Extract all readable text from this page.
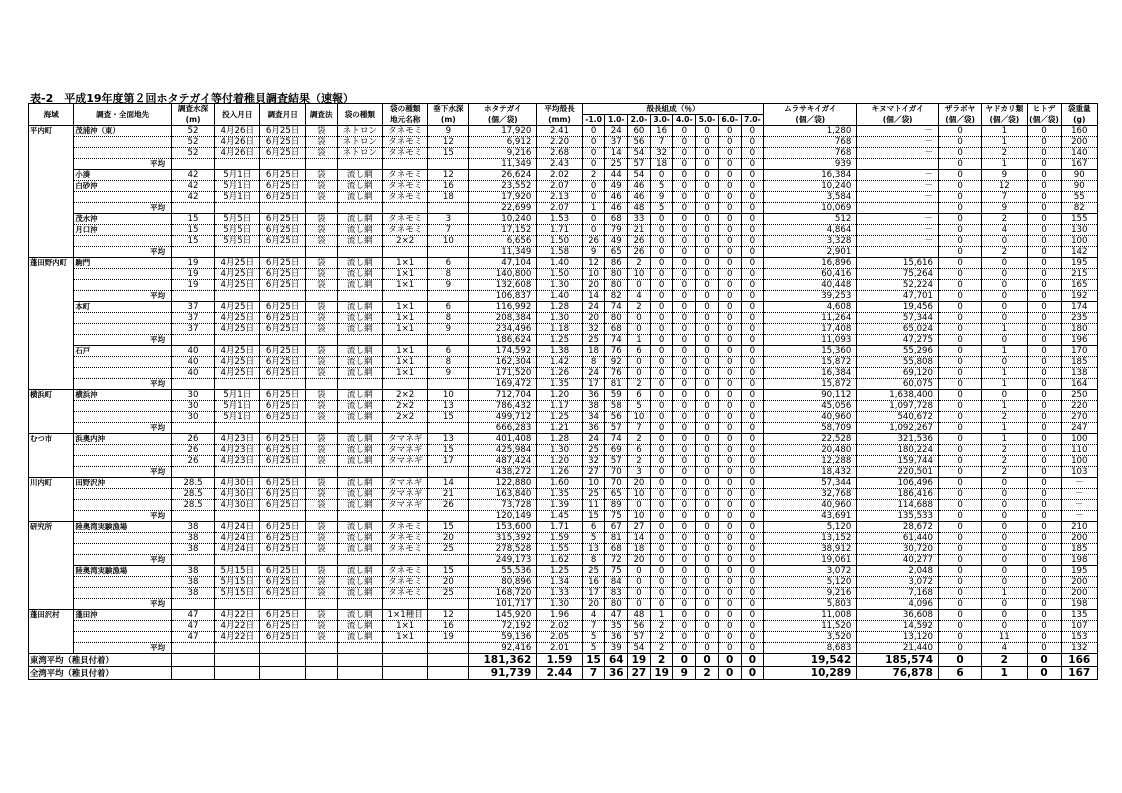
表-2　平成19年度第２回ホタテガイ等付着稚貝調査結果（速報）
海域	調査・全面地先	調査水深	投入月日	調査月日	調査法	袋の種類	袋の種類	垂下水深	ホタテガイ	平均殻長	殻長組成（％）								ムラサキイガイ	キヌマトイガイ	ザラボヤ	ヤドカリ類	ヒトデ	袋重量
		(m)					地元名称	(m)	(個／袋)	(mm)	-1.0	1.0-	2.0-	3.0-	4.0-	5.0-	6.0-	7.0-	(個／袋)	(個／袋)	(個／袋)	(個／袋)	(個／袋)	(g)
平内町	茂浦沖（東）	52	4月26日	6月25日	袋	ネトロン	タネモミ	9	17,920	2.41	0	24	60	16	0	0	0	0	1,280	－	0	1	0	160
		52	4月26日	6月25日	袋	ネトロン	タネモミ	12	6,912	2.20	0	37	56	7	0	0	0	0	768	－	0	1	0	200
		52	4月26日	6月25日	袋	ネトロン	タネモミ	15	9,216	2.68	0	14	54	32	0	0	0	0	768	－	0	2	0	140
	平均								11,349	2.43	0	25	57	18	0	0	0	0	939		0	1	0	167
	小湊	42	5月1日	6月25日	袋	流し網	タネモミ	12	26,624	2.02	2	44	54	0	0	0	0	0	16,384	－	0	9	0	90
	白砂沖	42	5月1日	6月25日	袋	流し網	タネモミ	16	23,552	2.07	0	49	46	5	0	0	0	0	10,240	－	0	12	0	90
		42	5月1日	6月25日	袋	流し網	タネモミ	18	17,920	2.13	0	46	46	9	0	0	0	0	3,584	－	0	7	0	55
	平均								22,699	2.07	1	46	48	5	0	0	0	0	10,069		0	9	0	82
	茂水沖	15	5月5日	6月25日	袋	流し網	タネモミ	3	10,240	1.53	0	68	33	0	0	0	0	0	512	－	0	2	0	155
	月口沖	15	5月5日	6月25日	袋	流し網	タネモミ	7	17,152	1.71	0	79	21	0	0	0	0	0	4,864	－	0	4	0	130
		15	5月5日	6月25日	袋	流し網	2×2	10	6,656	1.50	26	49	26	0	0	0	0	0	3,328	－	0	0	0	100
	平均								11,349	1.58	9	65	26	0	0	0	0	0	2,901		0	2	0	142
蓬田野内町	駒門	19	4月25日	6月25日	袋	流し網	1×1	6	47,104	1.40	12	86	2	0	0	0	0	0	16,896	15,616	0	0	0	195
		19	4月25日	6月25日	袋	流し網	1×1	8	140,800	1.50	10	80	10	0	0	0	0	0	60,416	75,264	0	0	0	215
		19	4月25日	6月25日	袋	流し網	1×1	9	132,608	1.30	20	80	0	0	0	0	0	0	40,448	52,224	0	0	0	165
	平均								106,837	1.40	14	82	4	0	0	0	0	0	39,253	47,701	0	0	0	192
	本町	37	4月25日	6月25日	袋	流し網	1×1	6	116,992	1.28	24	74	2	0	0	0	0	0	4,608	19,456	0	0	0	174
		37	4月25日	6月25日	袋	流し網	1×1	8	208,384	1.30	20	80	0	0	0	0	0	0	11,264	57,344	0	0	0	235
		37	4月25日	6月25日	袋	流し網	1×1	9	234,496	1.18	32	68	0	0	0	0	0	0	17,408	65,024	0	1	0	180
	平均								186,624	1.25	25	74	1	0	0	0	0	0	11,093	47,275	0	0	0	196
	石戸	40	4月25日	6月25日	袋	流し網	1×1	6	174,592	1.38	18	76	6	0	0	0	0	0	15,360	55,296	0	1	0	170
		40	4月25日	6月25日	袋	流し網	1×1	8	162,304	1.42	8	92	0	0	0	0	0	0	15,872	55,808	0	0	0	185
		40	4月25日	6月25日	袋	流し網	1×1	9	171,520	1.26	24	76	0	0	0	0	0	0	16,384	69,120	0	1	0	138
	平均								169,472	1.35	17	81	2	0	0	0	0	0	15,872	60,075	0	1	0	164
横浜町	横浜沖	30	5月1日	6月25日	袋	流し網	2×2	10	712,704	1.20	36	59	6	0	0	0	0	0	90,112	1,638,400	0	0	0	250
		30	5月1日	6月25日	袋	流し網	2×2	13	786,432	1.17	38	58	5	0	0	0	0	0	45,056	1,097,728	0	1	0	220
		30	5月1日	6月25日	袋	流し網	2×2	15	499,712	1.25	34	56	10	0	0	0	0	0	40,960	540,672	0	2	0	270
	平均								666,283	1.21	36	57	7	0	0	0	0	0	58,709	1,092,267	0	1	0	247
むつ市	浜奥内沖	26	4月23日	6月25日	袋	流し網	タマネギ	13	401,408	1.28	24	74	2	0	0	0	0	0	22,528	321,536	0	1	0	100
		26	4月23日	6月25日	袋	流し網	タマネギ	15	425,984	1.30	25	69	6	0	0	0	0	0	20,480	180,224	0	2	0	110
		26	4月23日	6月25日	袋	流し網	タマネギ	17	487,424	1.20	32	57	2	0	0	0	0	0	12,288	159,744	0	2	0	100
	平均								438,272	1.26	27	70	3	0	0	0	0	0	18,432	220,501	0	2	0	103
川内町	田野沢沖	28.5	4月30日	6月25日	袋	流し網	タマネギ	14	122,880	1.60	10	70	20	0	0	0	0	0	57,344	106,496	0	0	0	－
		28.5	4月30日	6月25日	袋	流し網	タマネギ	21	163,840	1.35	25	65	10	0	0	0	0	0	32,768	186,416	0	0	0	－
		28.5	4月30日	6月25日	袋	流し網	タマネギ	26	73,728	1.39	11	89	0	0	0	0	0	0	40,960	114,688	0	0	0	－
	平均								120,149	1.45	15	75	10	0	0	0	0	0	43,691	135,533	0	0	0	－
研究所	陸奥湾実験漁場	38	4月24日	6月25日	袋	流し網	タネモミ	15	153,600	1.71	6	67	27	0	0	0	0	0	5,120	28,672	0	0	0	210
		38	4月24日	6月25日	袋	流し網	タネモミ	20	315,392	1.59	5	81	14	0	0	0	0	0	13,152	61,440	0	0	0	200
		38	4月24日	6月25日	袋	流し網	タネモミ	25	278,528	1.55	13	68	18	0	0	0	0	0	38,912	30,720	0	0	0	185
	平均								249,173	1.62	8	72	20	0	0	0	0	0	19,061	40,277	0	0	0	198
	陸奥湾実験漁場	38	5月15日	6月25日	袋	流し網	タネモミ	15	55,536	1.25	25	75	0	0	0	0	0	0	3,072	2,048	0	0	0	195
		38	5月15日	6月25日	袋	流し網	タネモミ	20	80,896	1.34	16	84	0	0	0	0	0	0	5,120	3,072	0	0	0	200
		38	5月15日	6月25日	袋	流し網	タネモミ	25	168,720	1.33	17	83	0	0	0	0	0	0	9,216	7,168	0	1	0	200
	平均								101,717	1.30	20	80	0	0	0	0	0	0	5,803	4,096	0	0	0	198
蓬田沢村	蓬田沖	47	4月22日	6月25日	袋	流し網	1×1種目	12	145,920	1.96	4	47	48	1	0	0	0	0	11,008	36,608	0	0	0	135
		47	4月22日	6月25日	袋	流し網	1×1	16	72,192	2.02	7	35	56	2	0	0	0	0	11,520	14,592	0	0	0	107
		47	4月22日	6月25日	袋	流し網	1×1	19	59,136	2.05	5	36	57	2	0	0	0	0	3,520	13,120	0	11	0	153
	平均								92,416	2.01	5	39	54	2	0	0	0	0	8,683	21,440	0	4	0	132
東湾平均（稚貝付着）									181,362	1.59	15	64	19	2	0	0	0	0	19,542	185,574	0	2	0	166
全湾平均（稚貝付着）									91,739	2.44	7	36	27	19	9	2	0	0	10,289	76,878	6	1	0	167
